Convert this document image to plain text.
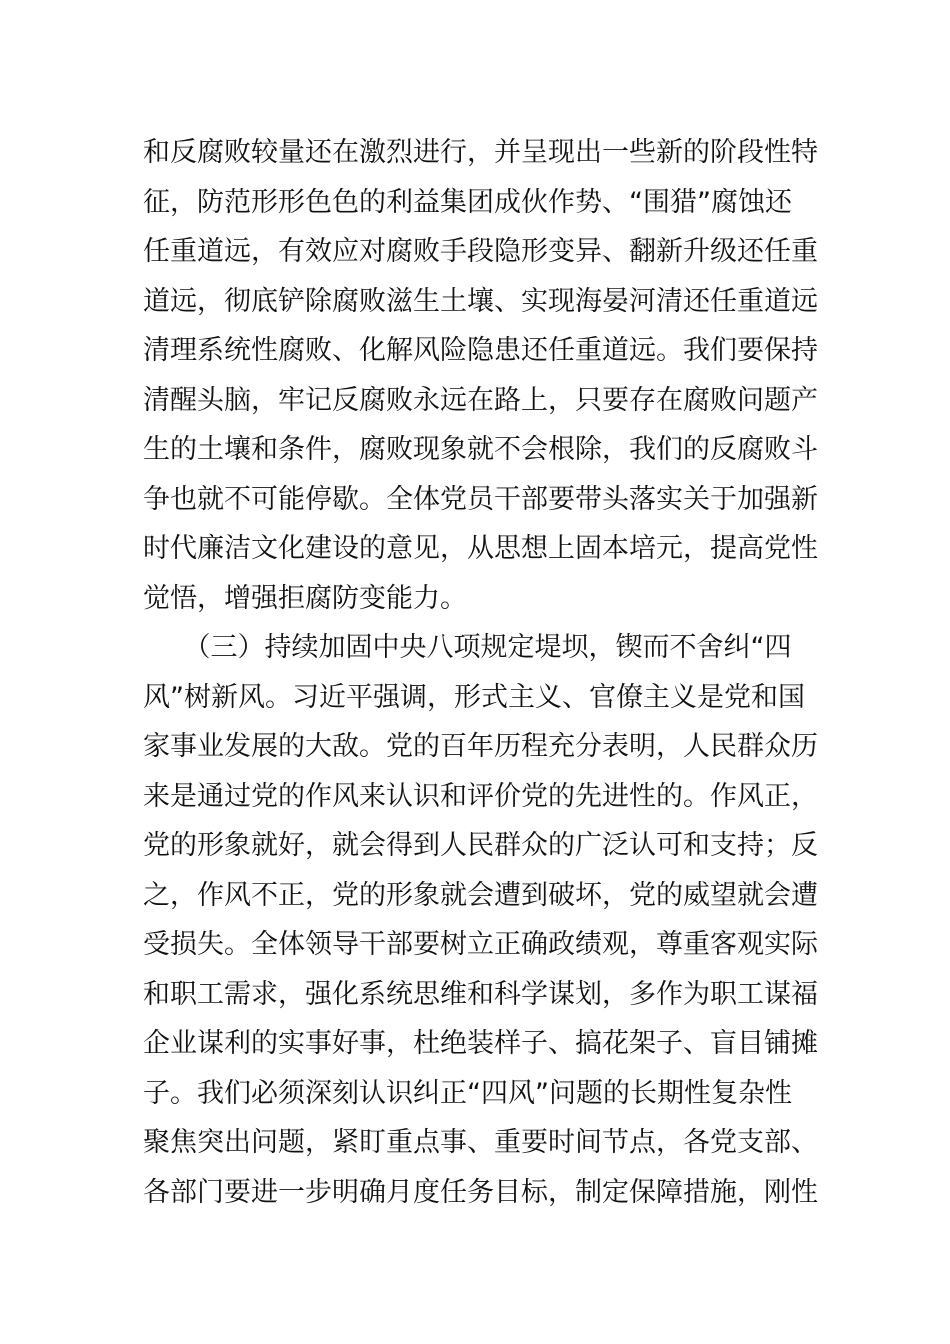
和反腐败较量还在激烈进行，并呈现出一些新的阶段性特
征，防范形形色色的利益集团成伙作势、“围猎”腐蚀还
任重道远，有效应对腐败手段隐形变异、翻新升级还任重
道远，彻底铲除腐败滋生土壤、实现海晏河清还任重道远
清理系统性腐败、化解风险隐患还任重道远。我们要保持
清醒头脑，牢记反腐败永远在路上，只要存在腐败问题产
生的土壤和条件，腐败现象就不会根除，我们的反腐败斗
争也就不可能停歇。全体党员干部要带头落实关于加强新
时代廉洁文化建设的意见，从思想上固本培元，提高党性
觉悟，增强拒腐防变能力。
　　（三）持续加固中央八项规定堤坝，锲而不舍纠“四
风”树新风。习近平强调，形式主义、官僚主义是党和国
家事业发展的大敌。党的百年历程充分表明，人民群众历
来是通过党的作风来认识和评价党的先进性的。作风正，
党的形象就好，就会得到人民群众的广泛认可和支持；反
之，作风不正，党的形象就会遭到破坏，党的威望就会遭
受损失。全体领导干部要树立正确政绩观，尊重客观实际
和职工需求，强化系统思维和科学谋划，多作为职工谋福
企业谋利的实事好事，杜绝装样子、搞花架子、盲目铺摊
子。我们必须深刻认识纠正“四风”问题的长期性复杂性
聚焦突出问题，紧盯重点事、重要时间节点，各党支部、
各部门要进一步明确月度任务目标，制定保障措施，刚性
